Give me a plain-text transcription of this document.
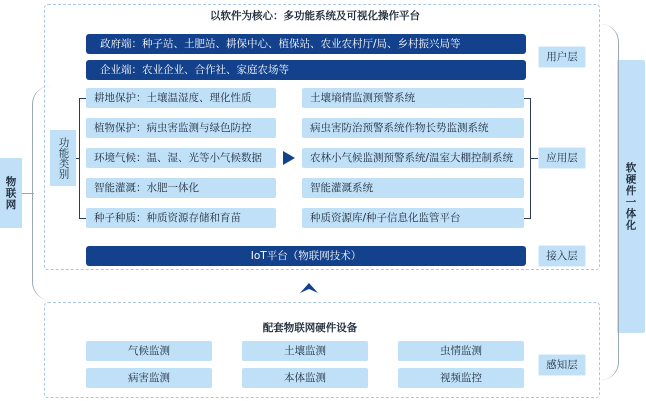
物联网	软硬件一体化
以软件为核心：多功能系统及可视化操作平台
政府端：种子站、土肥站、耕保中心、植保站、农业农村厅/局、乡村振兴局等
企业端：农业企业、合作社、家庭农场等
用户层
功能类别
耕地保护：土壤温湿度、理化性质
植物保护：病虫害监测与绿色防控
环境气候：温、湿、光等小气候数据
智能灌溉：水肥一体化
种子种质：种质资源存储和育苗
土壤墒情监测预警系统
病虫害防治预警系统作物长势监测系统
农林小气候监测预警系统/温室大棚控制系统
智能灌溉系统
种质资源库/种子信息化监管平台
应用层
IoT平台（物联网技术）	接入层
配套物联网硬件设备
气候监测	土壤监测	虫情监测
病害监测	本体监测	视频监控
感知层
